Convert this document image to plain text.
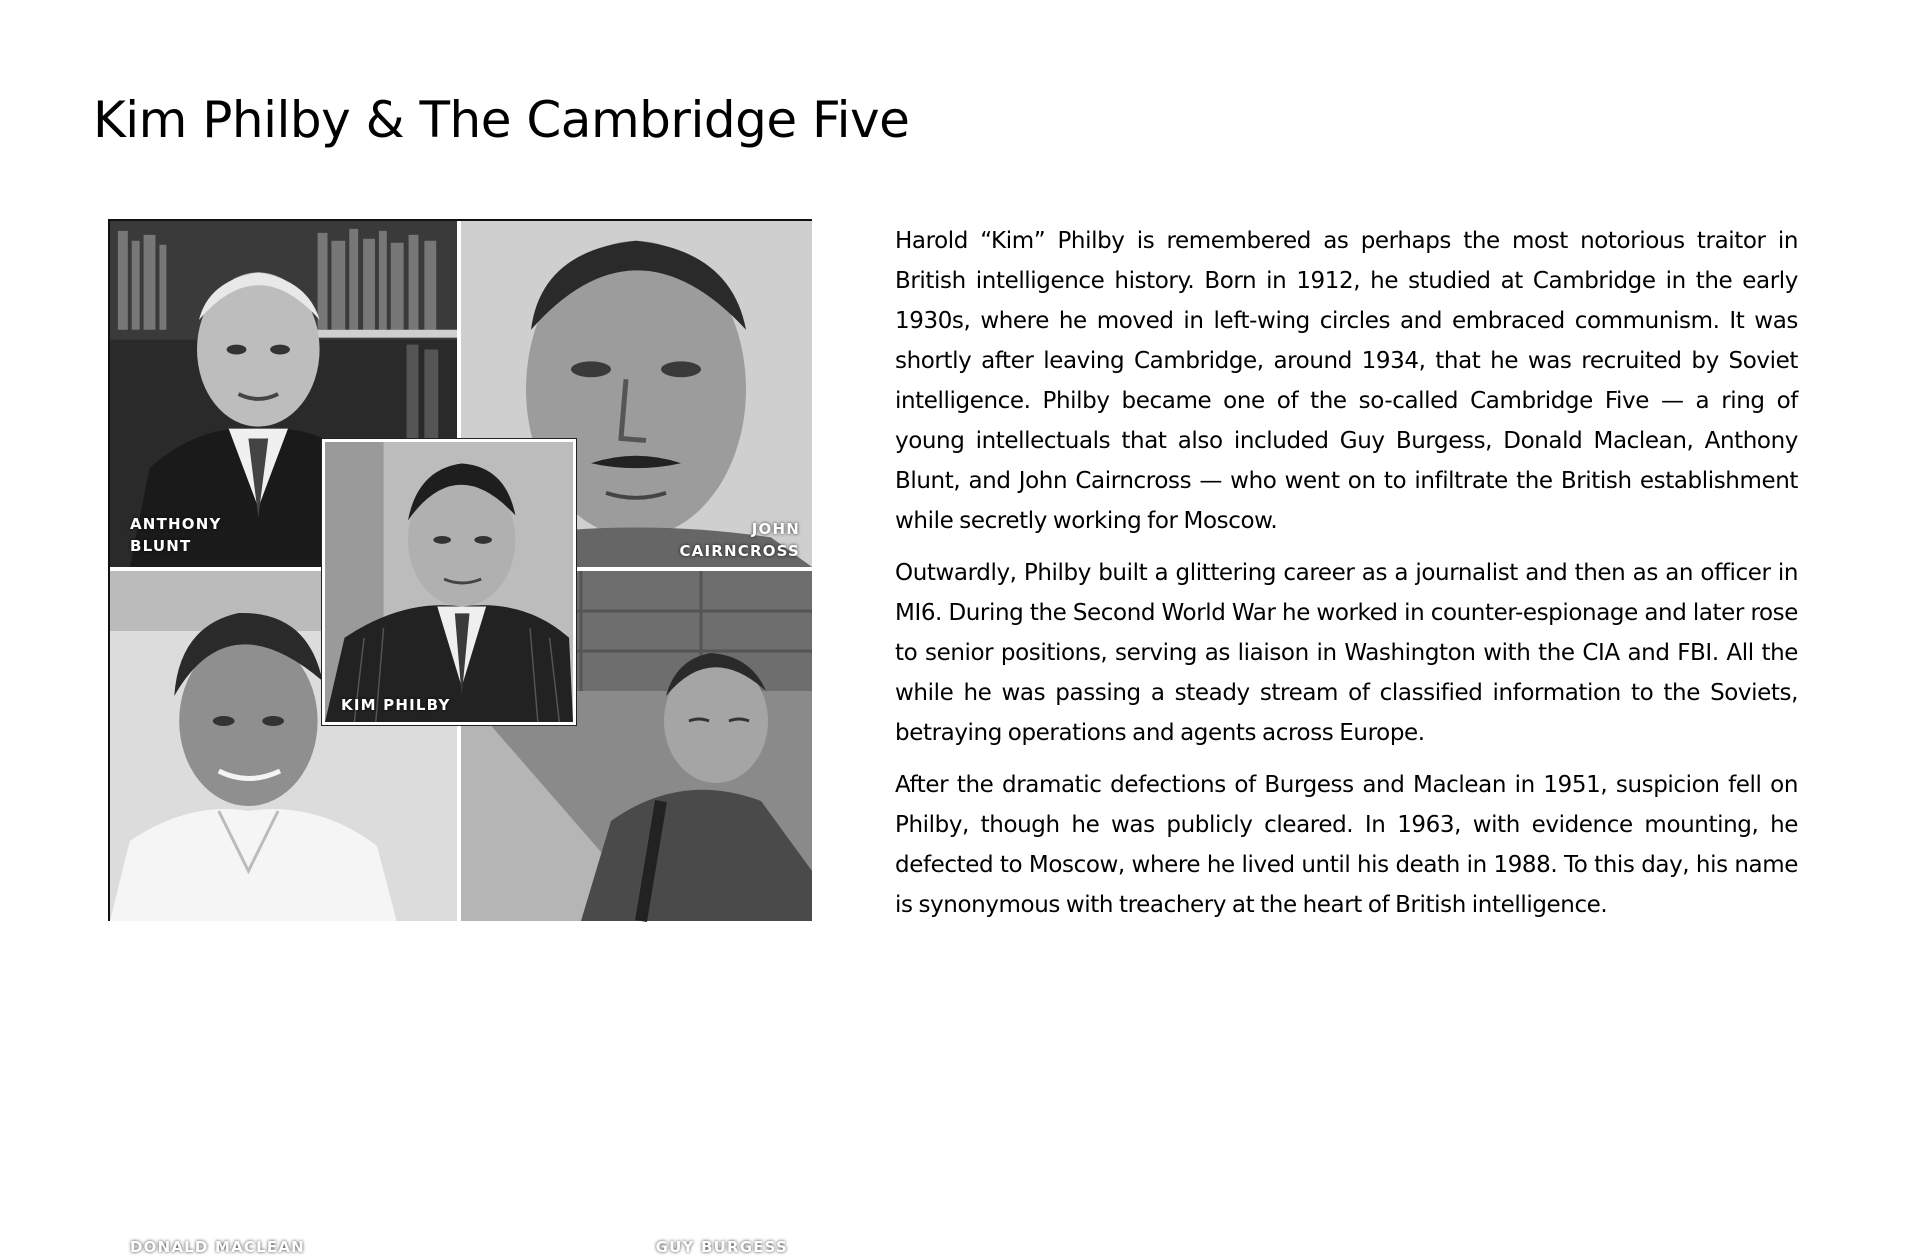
Kim Philby & The Cambridge Five
ANTHONY
BLUNT
JOHN
CAIRNCROSS
DONALD MACLEAN	GUY BURGESS
KIM PHILBY

Harold “Kim” Philby is remembered as perhaps the most notorious traitor in British intelligence history. Born in 1912, he studied at Cambridge in the early 1930s, where he moved in left-wing circles and embraced communism. It was shortly after leaving Cambridge, around 1934, that he was recruited by Soviet intelligence. Philby became one of the so-called Cambridge Five — a ring of young intellectuals that also included Guy Burgess, Donald Maclean, Anthony Blunt, and John Cairncross — who went on to infiltrate the British establishment while secretly working for Moscow.

Outwardly, Philby built a glittering career as a journalist and then as an officer in MI6. During the Second World War he worked in counter-espionage and later rose to senior positions, serving as liaison in Washington with the CIA and FBI. All the while he was passing a steady stream of classified information to the Soviets, betraying operations and agents across Europe.

After the dramatic defections of Burgess and Maclean in 1951, suspicion fell on Philby, though he was publicly cleared. In 1963, with evidence mounting, he defected to Moscow, where he lived until his death in 1988. To this day, his name is synonymous with treachery at the heart of British intelligence.
